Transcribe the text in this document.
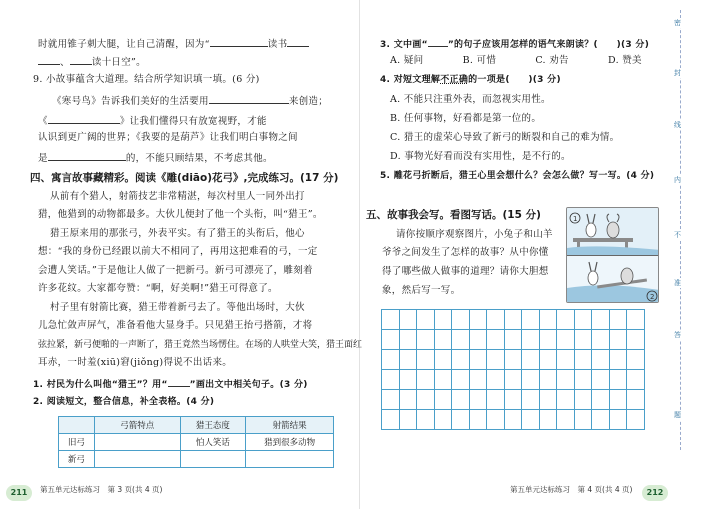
时就用锥子刺大腿，让自己清醒，因为“	读书
、 读十日空”。
9. 小故事蕴含大道理。结合所学知识填一填。(6 分)
《寒号鸟》告诉我们美好的生活要用	来创造；
《	》让我们懂得只有放宽视野，才能
认识到更广阔的世界；《我要的是葫芦》让我们明白事物之间
是	的，不能只顾结果，不考虑其他。
四、寓言故事藏精彩。阅读《雕(diāo)花弓》,完成练习。(17 分)
从前有个猎人，射箭技艺非常精湛，每次村里人一同外出打
猎，他猎到的动物都最多。大伙儿便封了他一个头衔，叫“猎王”。
猎王原来用的那张弓，外表平实。有了猎王的头衔后，他心
想：“我的身份已经跟以前大不相同了，再用这把难看的弓，一定
会遭人笑话。”于是他让人做了一把新弓。新弓可漂亮了，雕刻着
许多花纹。大家都夸赞：“啊，好美啊!”猎王可得意了。
村子里有射箭比赛，猎王带着新弓去了。等他出场时，大伙
儿急忙敛声屏气，准备看他大显身手。只见猎王抬弓搭箭，才将
弦拉紧，新弓便啪的一声断了，猎王竟然当场愣住。在场的人哄堂大笑，猎王面红
耳赤，一时羞(xiū)窘(jiǒng)得说不出话来。
1. 村民为什么叫他“猎王”？用“ ”画出文中相关句子。(3 分)
2. 阅读短文，整合信息，补全表格。(4 分)
	弓箭特点	猎王态度	射箭结果
旧弓		怕人笑话	猎到很多动物
新弓			
211	第五单元达标练习　第 3 页(共 4 页)
3. 文中画“ ”的句子应该用怎样的语气来朗读？(　　)(3 分)
A. 疑问　　　　B. 可惜　　　　C. 劝告　　　　D. 赞美
4. 对短文理解不正确的一项是(　　)(3 分)
A. 不能只注重外表，而忽视实用性。
B. 任何事物，好看都是第一位的。
C. 猎王的虚荣心导致了新弓的断裂和自己的难为情。
D. 事物光好看而没有实用性，是不行的。
5. 雕花弓折断后，猎王心里会想什么？会怎么做？写一写。(4 分)
五、故事我会写。看图写话。(15 分)
请你按顺序观察图片，小兔子和山羊
爷爷之间发生了怎样的故事？从中你懂
得了哪些做人做事的道理？请你大胆想
象，然后写一写。
212
第五单元达标练习　第 4 页(共 4 页)
1
2
密
封
线
内
不
准
答
题
